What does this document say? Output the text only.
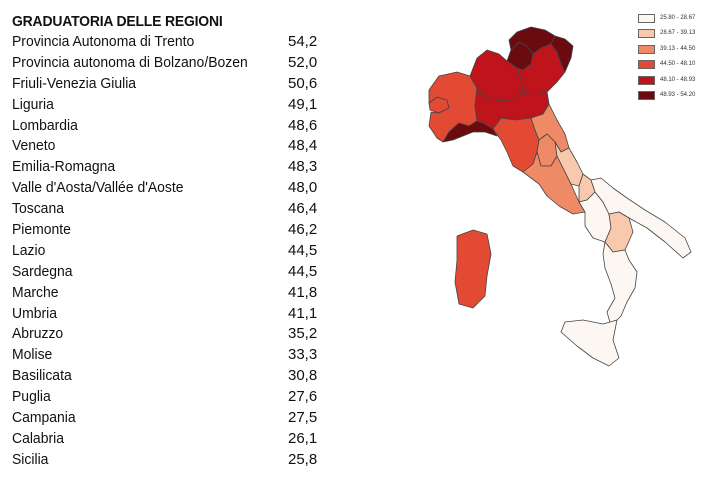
GRADUATORIA DELLE REGIONI
Provincia Autonoma di Trento	54,2
Provincia autonoma di Bolzano/Bozen	52,0
Friuli-Venezia Giulia	50,6
Liguria	49,1
Lombardia	48,6
Veneto	48,4
Emilia-Romagna	48,3
Valle d'Aosta/Vallée d'Aoste	48,0
Toscana	46,4
Piemonte	46,2
Lazio	44,5
Sardegna	44,5
Marche	41,8
Umbria	41,1
Abruzzo	35,2
Molise	33,3
Basilicata	30,8
Puglia	27,6
Campania	27,5
Calabria	26,1
Sicilia	25,8
25.80 - 28.67
28.67 - 39.13
39.13 - 44.50
44.50 - 48.10
48.10 - 48.93
48.93 - 54.20
